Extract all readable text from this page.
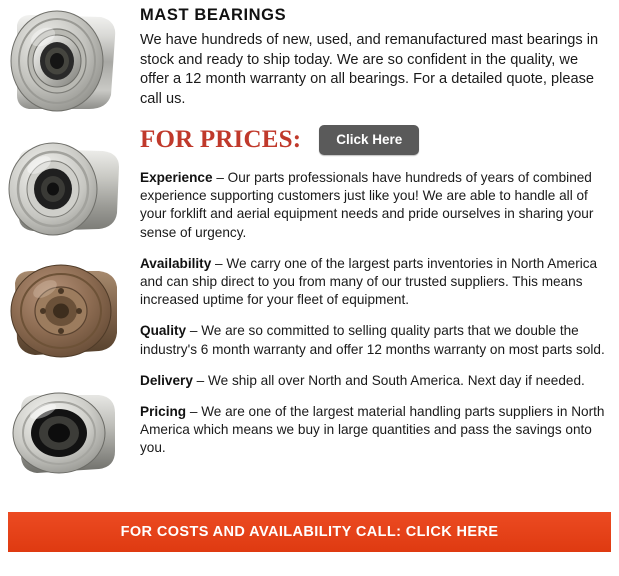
MAST BEARINGS

We have hundreds of new, used, and remanufactured mast bearings in stock and ready to ship today. We are so confident in the quality, we offer a 12 month warranty on all bearings. For a detailed quote, please call us.

FOR PRICES:	Click Here
Experience – Our parts professionals have hundreds of years of combined experience supporting customers just like you! We are able to handle all of your forklift and aerial equipment needs and pride ourselves in sharing your sense of urgency.
Availability – We carry one of the largest parts inventories in North America and can ship direct to you from many of our trusted suppliers. This means increased uptime for your fleet of equipment.
Quality – We are so committed to selling quality parts that we double the industry's 6 month warranty and offer 12 months warranty on most parts sold.
Delivery – We ship all over North and South America. Next day if needed.
Pricing – We are one of the largest material handling parts suppliers in North America which means we buy in large quantities and pass the savings onto you.
FOR COSTS AND AVAILABILITY CALL: CLICK HERE
